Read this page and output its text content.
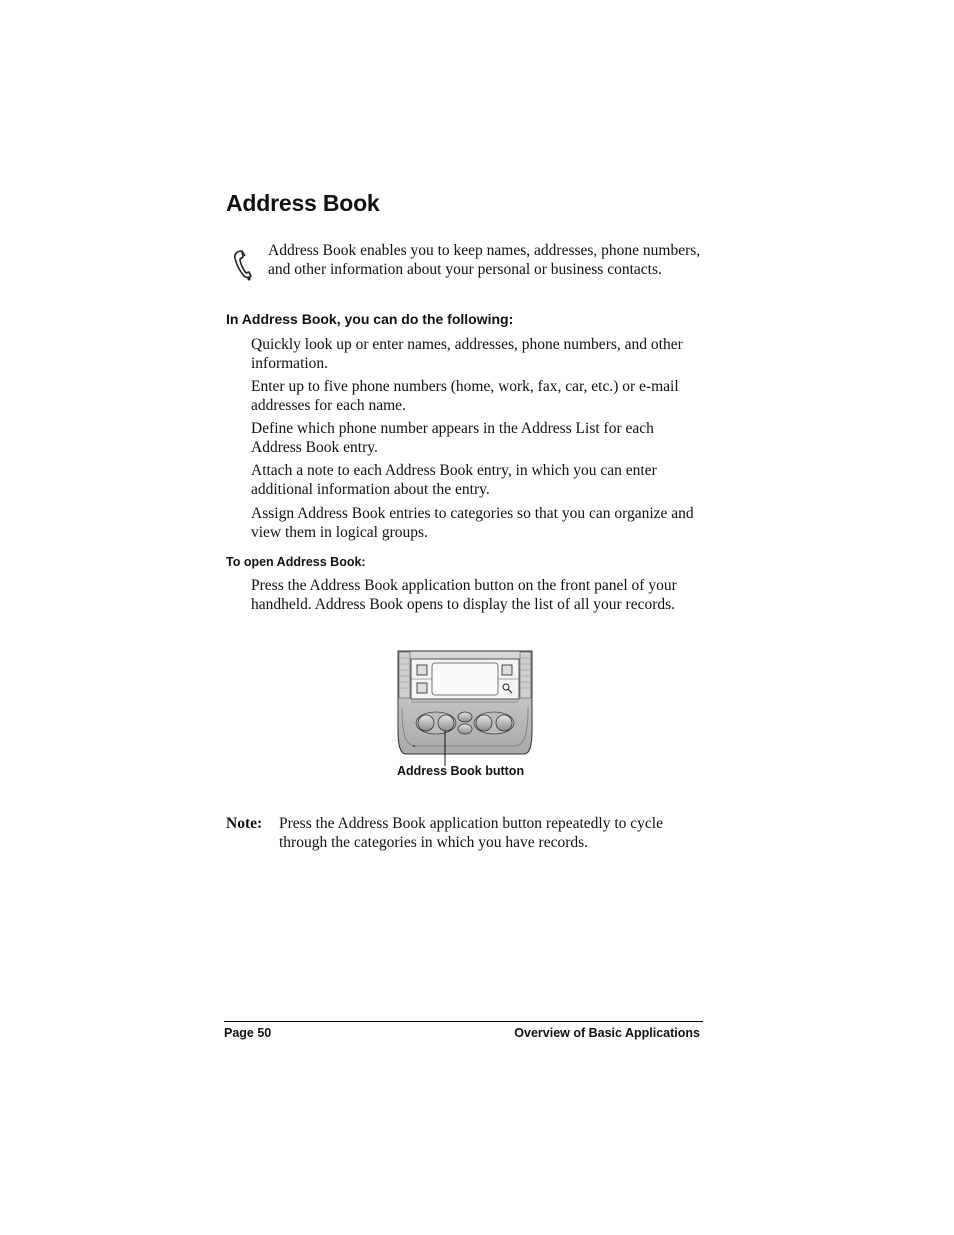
Address Book
Address Book enables you to keep names, addresses, phone numbers, and other information about your personal or business contacts.
In Address Book, you can do the following:
Quickly look up or enter names, addresses, phone numbers, and other information.
Enter up to five phone numbers (home, work, fax, car, etc.) or e-mail addresses for each name.
Define which phone number appears in the Address List for each Address Book entry.
Attach a note to each Address Book entry, in which you can enter additional information about the entry.
Assign Address Book entries to categories so that you can organize and view them in logical groups.
To open Address Book:
Press the Address Book application button on the front panel of your handheld. Address Book opens to display the list of all your records.
Address Book button
Note: Press the Address Book application button repeatedly to cycle through the categories in which you have records.
Page 50	Overview of Basic Applications
